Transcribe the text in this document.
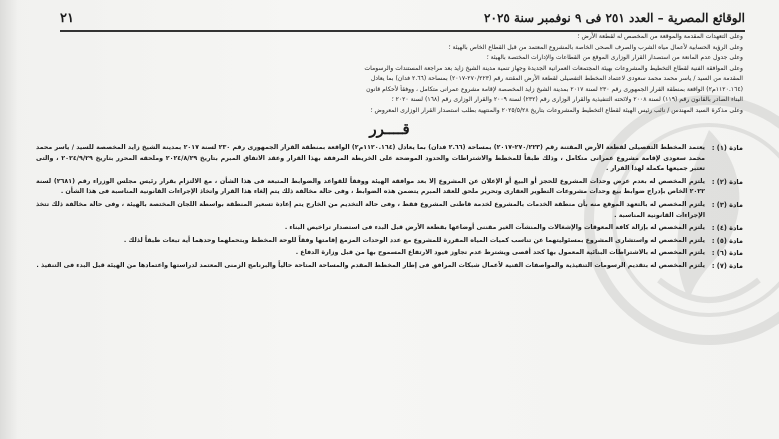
الوقائع المصرية – العدد ٢٥١ فى ٩ نوفمبر سنة ٢٠٢٥
٢١

وعلى التعهدات المقدمة والموقعة من المخصص له لقطعة الأرض ؛

وعلى الرؤية الحسابية لأعمال مياه الشرب والصرف الصحى الخاصة بالمشروع المعتمد من قبل القطاع الخاص بالهيئة ؛

وعلى جدول عدم المانعة من استصدار القرار الوزارى الموقع من القطاعات والإدارات المختصة بالهيئة ؛

وعلى الموافقة الفنية لقطاع التخطيط والمشروعات بهيئة المجتمعات العمرانية الجديدة وجهاز تنمية مدينة الشيخ زايد بعد مراجعة المستندات والرسومات

المقدمة من السيد / ياسر محمد محمد سعودى لاعتماد المخطط التفصيلى لقطعة الأرض المقتنة رقم (٢٧٠/٢٢٣-٢٠١٧) بمساحة (٢.٦٦ فدان) بما يعادل

(١١٢٠.١٦٤م٢) الواقعة بمنطقة القرار الجمهورى رقم ٢٣٠ لسنة ٢٠١٧ بمدينة الشيخ زايد المخصصة لإقامة مشروع عمرانى متكامل ، ووفقاً لأحكام قانون

البناء الصادر بالقانون رقم (١١٩) لسنة ٢٠٠٨ ولائحته التنفيذية والقرار الوزارى رقم (٢٣٢) لسنة ٢٠٠٩ والقرار الوزارى رقم (١٦٨) لسنة ٢٠٢٠ ؛

وعلى مذكرة السيد المهندس / نائب رئيس الهيئة لقطاع التخطيط والمشروعات بتاريخ ٢٠٢٥/٥/٢٨ والمنتهية بطلب استصدار القرار الوزارى المعروض ؛

قــــرر
مادة (١) :

يعتمد المخطط التفصيلى لقطعة الأرض المقتنة رقم (٢٧٠/٢٢٣-٢٠١٧) بمساحة (٢.٦٦ فدان) بما يعادل (١١٢٠.١٦٤م٢) الواقعة بمنطقة القرار الجمهورى رقم ٢٣٠ لسنة ٢٠١٧ بمدينة الشيخ زايد المخصصة للسيد / ياسر محمد محمد سعودى لإقامة مشروع عمرانى متكامل ، وذلك طبقاً للمخطط والاشتراطات والحدود الموضحة على الخريطة المرفقة بهذا القرار وعقد الاتفاق المبرم بتاريخ ٢٠٢٤/٨/٢٩ وملحقه المحرر بتاريخ ٢٠٢٤/٩/٢٩ ، والتى تعتبر جميعها مكملة لهذا القرار .

مادة (٢) :

يلتزم المخصص له بعدم عرض وحدات المشروع للحجز أو البيع أو الإعلان عن المشروع إلا بعد موافقة الهيئة ووفقاً للقواعد والضوابط المتبعة فى هذا الشأن ، مع الالتزام بقرار رئيس مجلس الوزراء رقم (٢٦٨١) لسنة ٢٠٢٢ الخاص بإدراج ضوابط بيع وحدات مشروعات التطوير العقارى وتحرير ملحق للعقد المبرم يتضمن هذه الضوابط ، وفى حالة مخالفة ذلك يتم إلغاء هذا القرار واتخاذ الإجراءات القانونية المناسبة فى هذا الشأن .

مادة (٣) :

يلتزم المخصص له بالتعهد الموقع منه بأن منطقة الخدمات بالمشروع لخدمة قاطنى المشروع فقط ، وفى حالة التخديم من الخارج يتم إعادة تسعير المنطقة بواسطة اللجان المختصة بالهيئة ، وفى حالة مخالفة ذلك تتخذ الإجراءات القانونية المناسبة .

مادة (٤) :

يلتزم المخصص له بإزالة كافة المعوقات والإشغالات والمنشآت الغير مقننى أوضاعها بقطعة الأرض قبل البدء فى استصدار تراخيص البناء .

مادة (٥) :

يلتزم المخصص له واستشارى المشروع بمسئوليتهما عن تناسب كميات المياه المقررة للمشروع مع عدد الوحدات المزمع إقامتها وفقاً للوحة المخطط وبتحملهما وحدهما أية تبعات طبقاً لذلك .

مادة (٦) :

يلتزم المخصص له بالاشتراطات البنائية المعمول بها كحد أقصى ويشترط عدم تجاوز قيود الارتفاع المسموح بها من قبل وزارة الدفاع .

مادة (٧) :

يلتزم المخصص له بتقديم الرسومات التنفيذية والمواصفات الفنية لأعمال شبكات المرافق فى إطار المخطط المقدم والمساحة المتاحة حالياً والبرنامج الزمنى المعتمد لدراستها واعتمادها من الهيئة قبل البدء فى التنفيذ .
